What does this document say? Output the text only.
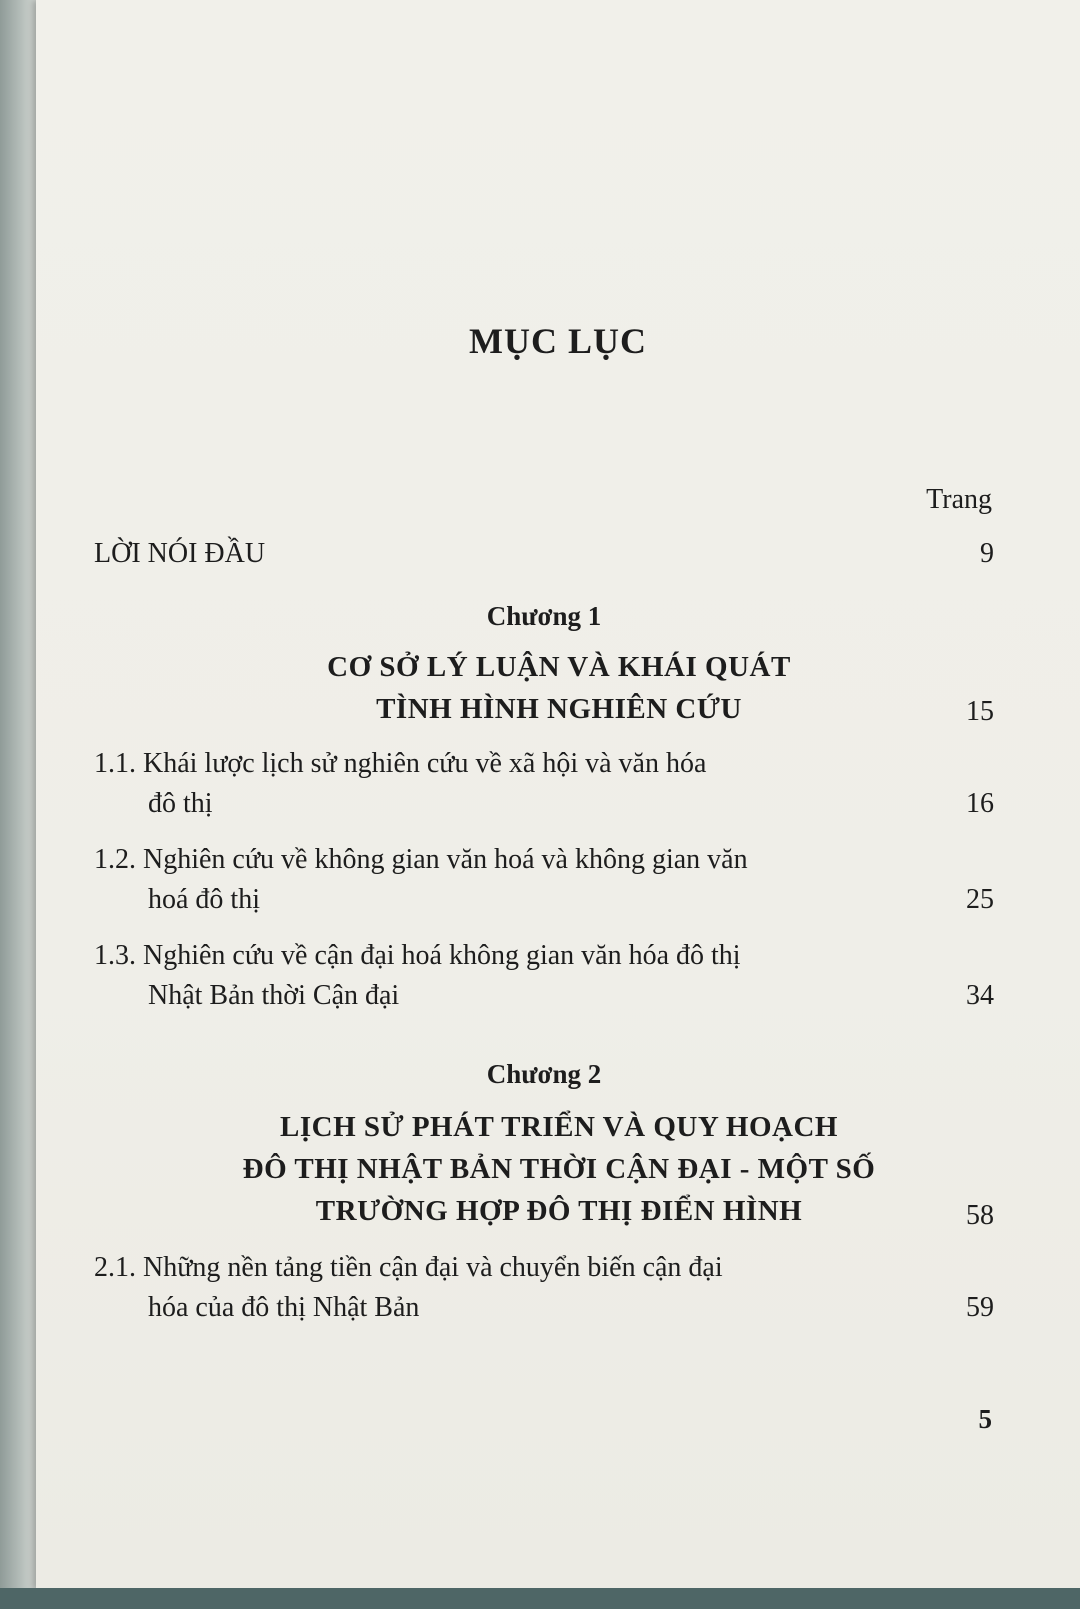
MỤC LỤC
Trang
LỜI NÓI ĐẦU	9
Chương 1
CƠ SỞ LÝ LUẬN VÀ KHÁI QUÁT
TÌNH HÌNH NGHIÊN CỨU	15
1.1. Khái lược lịch sử nghiên cứu về xã hội và văn hóa
đô thị	16
1.2. Nghiên cứu về không gian văn hoá và không gian văn
hoá đô thị	25
1.3. Nghiên cứu về cận đại hoá không gian văn hóa đô thị
Nhật Bản thời Cận đại	34
Chương 2
LỊCH SỬ PHÁT TRIỂN VÀ QUY HOẠCH
ĐÔ THỊ NHẬT BẢN THỜI CẬN ĐẠI - MỘT SỐ
TRƯỜNG HỢP ĐÔ THỊ ĐIỂN HÌNH	58
2.1. Những nền tảng tiền cận đại và chuyển biến cận đại
hóa của đô thị Nhật Bản	59
5
